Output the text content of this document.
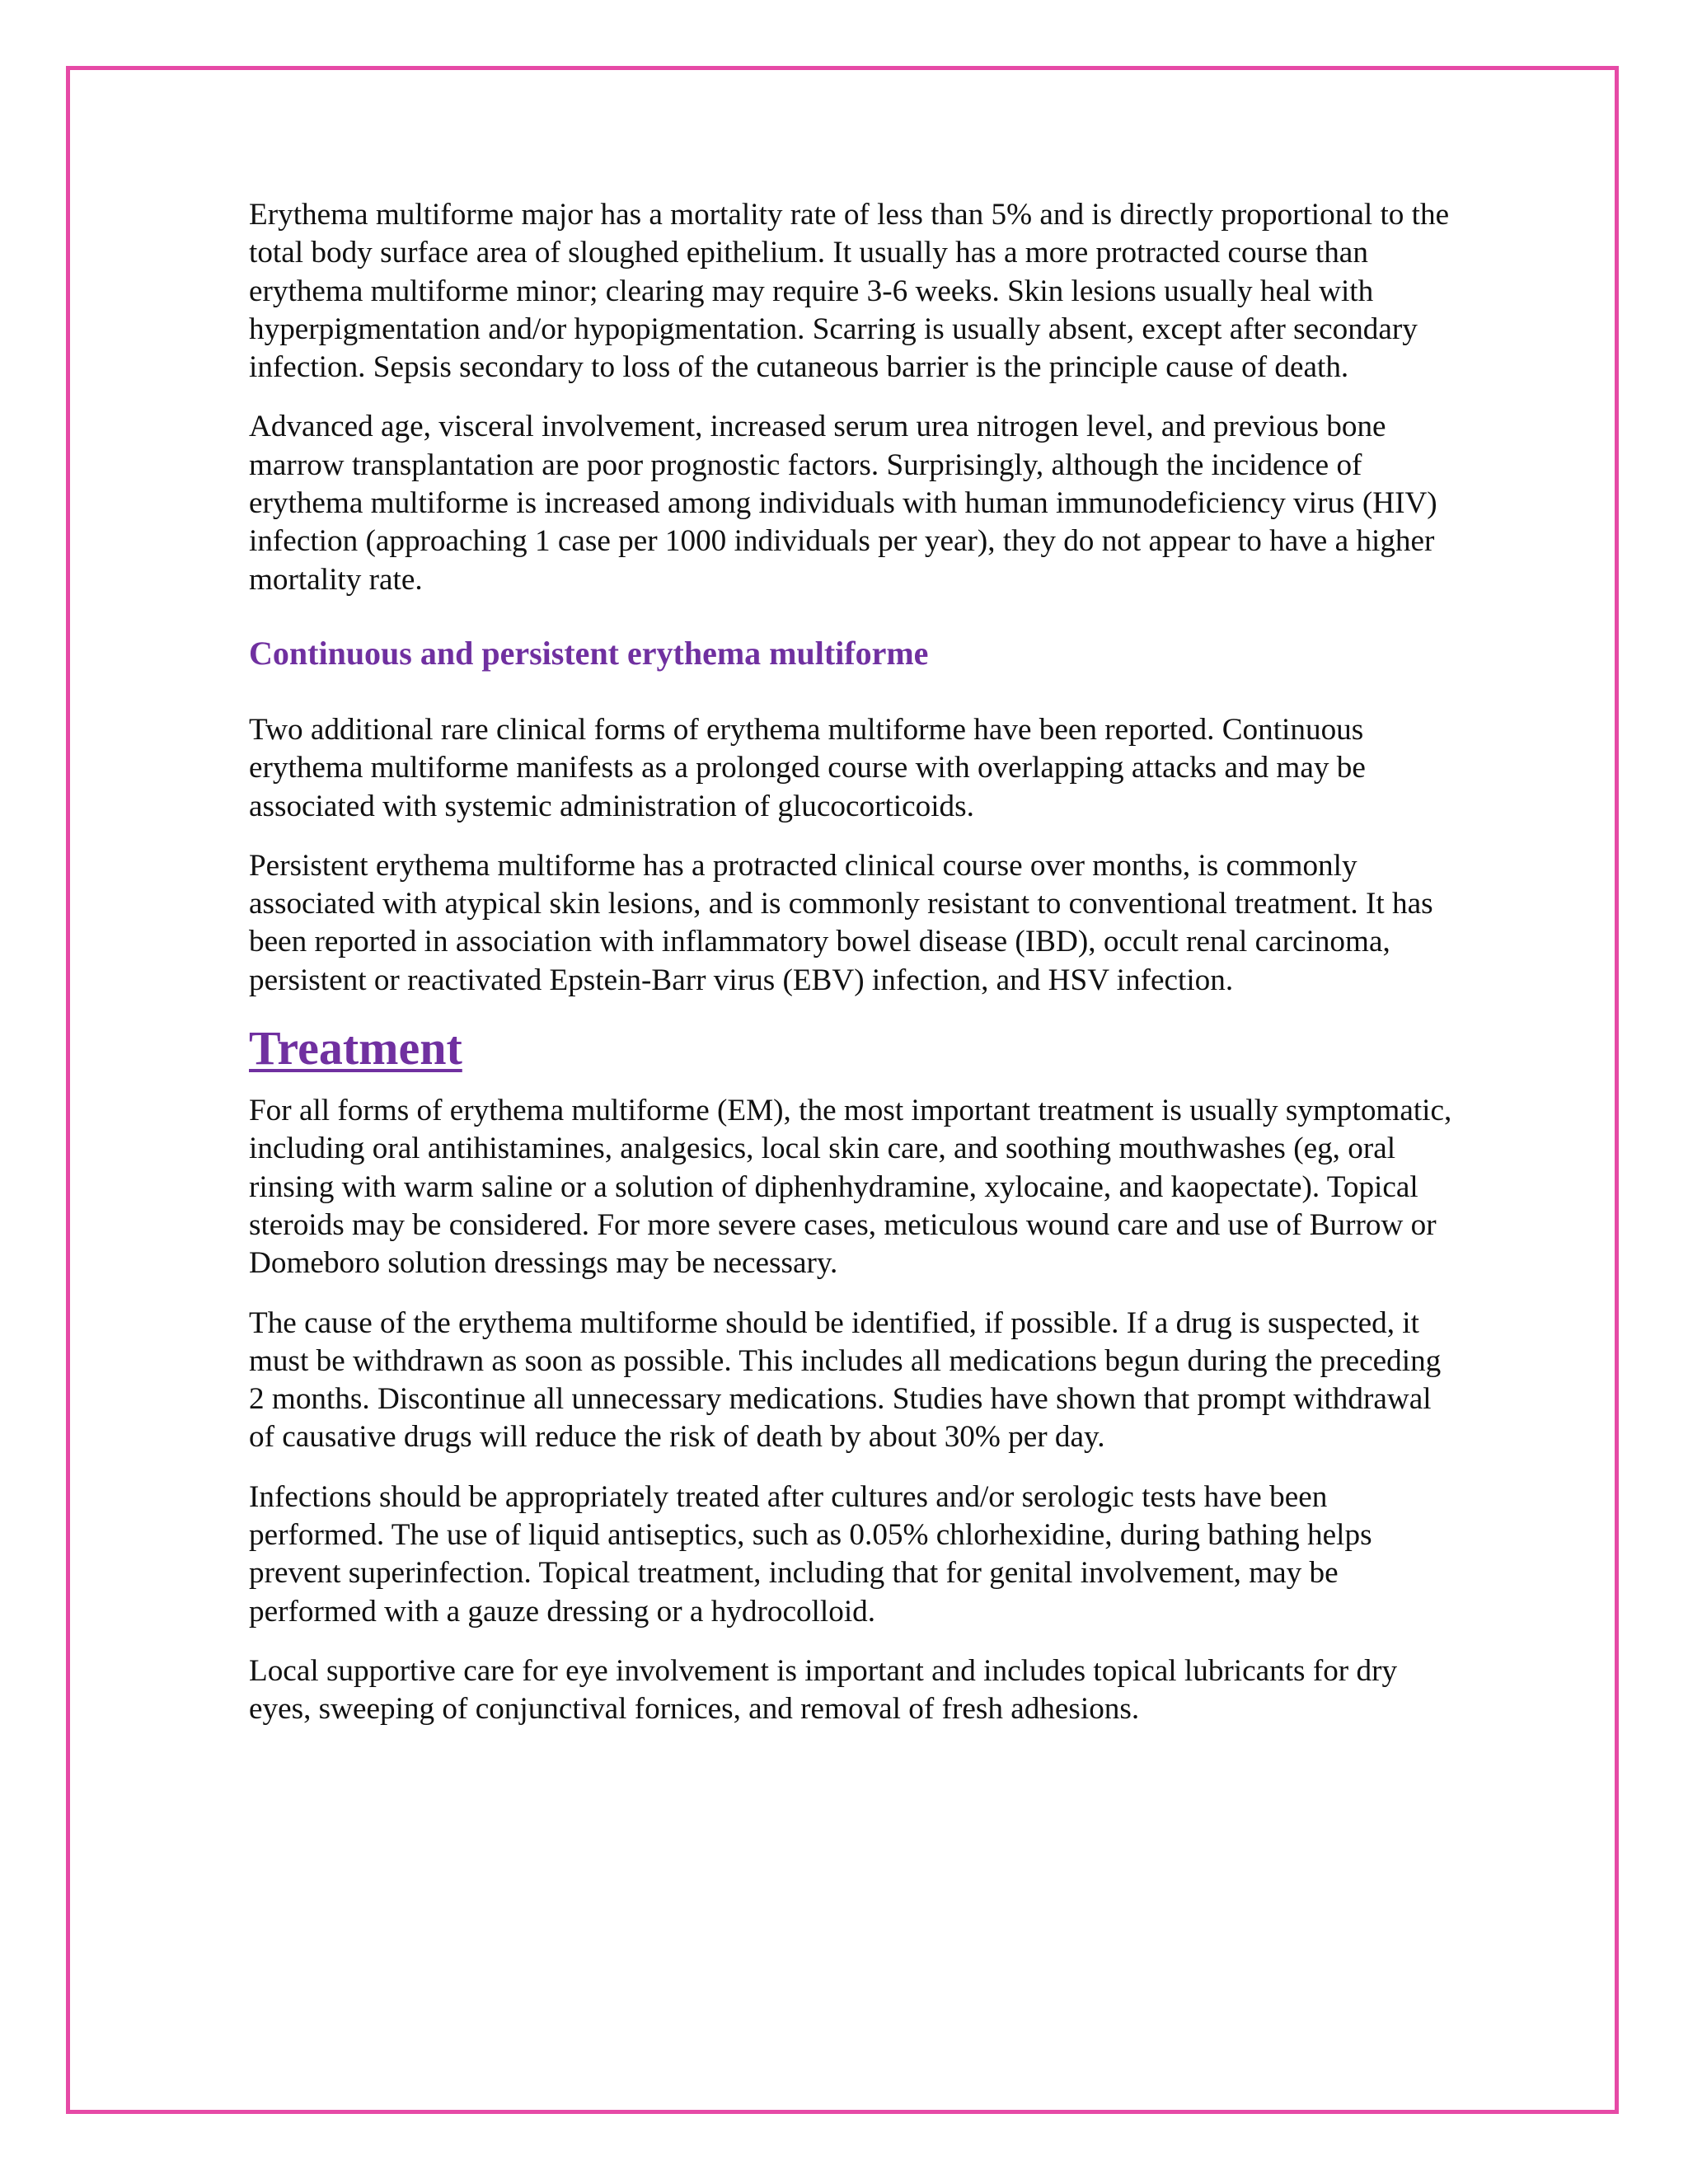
Erythema multiforme major has a mortality rate of less than 5% and is directly proportional to the total body surface area of sloughed epithelium. It usually has a more protracted course than erythema multiforme minor; clearing may require 3-6 weeks. Skin lesions usually heal with hyperpigmentation and/or hypopigmentation. Scarring is usually absent, except after secondary infection. Sepsis secondary to loss of the cutaneous barrier is the principle cause of death.

Advanced age, visceral involvement, increased serum urea nitrogen level, and previous bone marrow transplantation are poor prognostic factors. Surprisingly, although the incidence of erythema multiforme is increased among individuals with human immunodeficiency virus (HIV) infection (approaching 1 case per 1000 individuals per year), they do not appear to have a higher mortality rate.

Continuous and persistent erythema multiforme

Two additional rare clinical forms of erythema multiforme have been reported. Continuous erythema multiforme manifests as a prolonged course with overlapping attacks and may be associated with systemic administration of glucocorticoids.

Persistent erythema multiforme has a protracted clinical course over months, is commonly associated with atypical skin lesions, and is commonly resistant to conventional treatment. It has been reported in association with inflammatory bowel disease (IBD), occult renal carcinoma, persistent or reactivated Epstein-Barr virus (EBV) infection, and HSV infection.

Treatment

For all forms of erythema multiforme (EM), the most important treatment is usually symptomatic, including oral antihistamines, analgesics, local skin care, and soothing mouthwashes (eg, oral rinsing with warm saline or a solution of diphenhydramine, xylocaine, and kaopectate). Topical steroids may be considered. For more severe cases, meticulous wound care and use of Burrow or Domeboro solution dressings may be necessary.

The cause of the erythema multiforme should be identified, if possible. If a drug is suspected, it must be withdrawn as soon as possible. This includes all medications begun during the preceding 2 months. Discontinue all unnecessary medications. Studies have shown that prompt withdrawal of causative drugs will reduce the risk of death by about 30% per day.

Infections should be appropriately treated after cultures and/or serologic tests have been performed. The use of liquid antiseptics, such as 0.05% chlorhexidine, during bathing helps prevent superinfection. Topical treatment, including that for genital involvement, may be performed with a gauze dressing or a hydrocolloid.

Local supportive care for eye involvement is important and includes topical lubricants for dry eyes, sweeping of conjunctival fornices, and removal of fresh adhesions.
